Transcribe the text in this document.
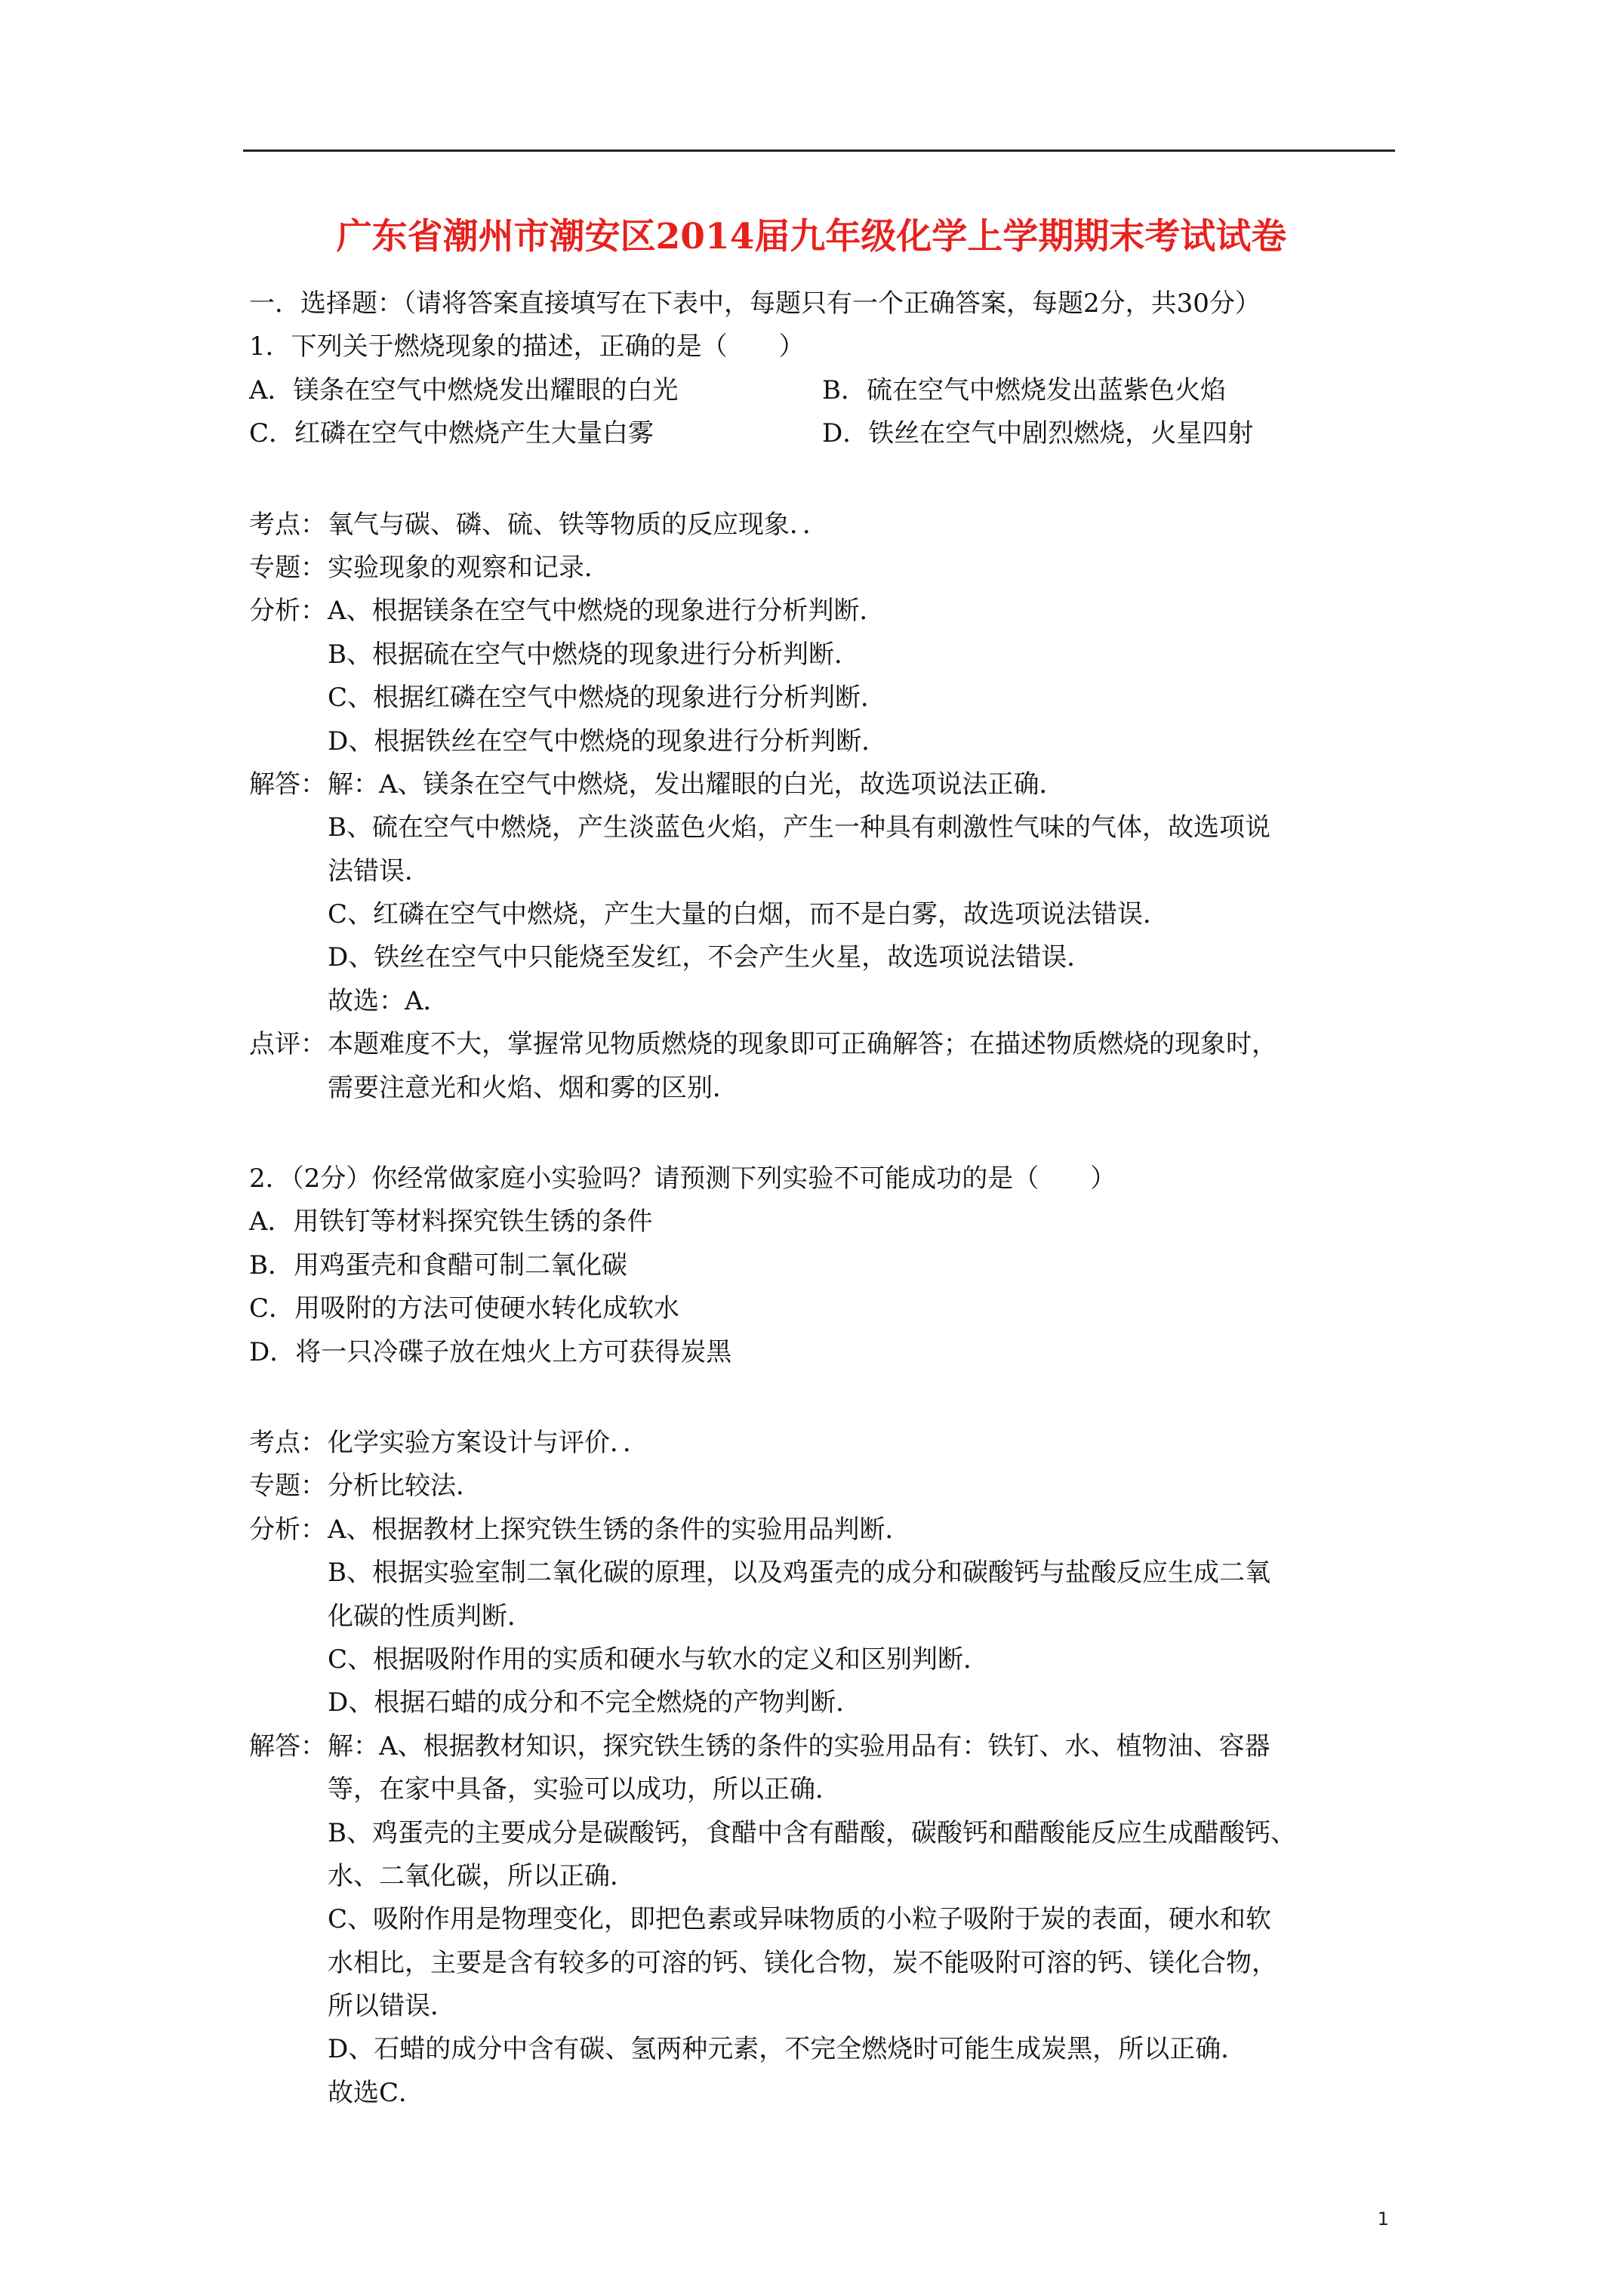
广东省潮州市潮安区2014届九年级化学上学期期末考试试卷
一．选择题：（请将答案直接填写在下表中，每题只有一个正确答案，每题2分，共30分）
1．下列关于燃烧现象的描述，正确的是（　　）
A．镁条在空气中燃烧发出耀眼的白光	B．硫在空气中燃烧发出蓝紫色火焰
C．红磷在空气中燃烧产生大量白雾	D．铁丝在空气中剧烈燃烧，火星四射
考点： 氧气与碳、磷、硫、铁等物质的反应现象．．
专题： 实验现象的观察和记录．
分析： A、根据镁条在空气中燃烧的现象进行分析判断．
B、根据硫在空气中燃烧的现象进行分析判断．
C、根据红磷在空气中燃烧的现象进行分析判断．
D、根据铁丝在空气中燃烧的现象进行分析判断．
解答： 解：A、镁条在空气中燃烧，发出耀眼的白光，故选项说法正确．
B、硫在空气中燃烧，产生淡蓝色火焰，产生一种具有刺激性气味的气体，故选项说
法错误．
C、红磷在空气中燃烧，产生大量的白烟，而不是白雾，故选项说法错误．
D、铁丝在空气中只能烧至发红，不会产生火星，故选项说法错误．
故选：A．
点评： 本题难度不大，掌握常见物质燃烧的现象即可正确解答；在描述物质燃烧的现象时，
需要注意光和火焰、烟和雾的区别．
2．（2分）你经常做家庭小实验吗？请预测下列实验不可能成功的是（　　）
A．用铁钉等材料探究铁生锈的条件
B．用鸡蛋壳和食醋可制二氧化碳
C．用吸附的方法可使硬水转化成软水
D．将一只冷碟子放在烛火上方可获得炭黑
考点： 化学实验方案设计与评价．．
专题： 分析比较法．
分析： A、根据教材上探究铁生锈的条件的实验用品判断．
B、根据实验室制二氧化碳的原理，以及鸡蛋壳的成分和碳酸钙与盐酸反应生成二氧
化碳的性质判断．
C、根据吸附作用的实质和硬水与软水的定义和区别判断．
D、根据石蜡的成分和不完全燃烧的产物判断．
解答： 解：A、根据教材知识，探究铁生锈的条件的实验用品有：铁钉、水、植物油、容器
等，在家中具备，实验可以成功，所以正确．
B、鸡蛋壳的主要成分是碳酸钙，食醋中含有醋酸，碳酸钙和醋酸能反应生成醋酸钙、
水、二氧化碳，所以正确．
C、吸附作用是物理变化，即把色素或异味物质的小粒子吸附于炭的表面，硬水和软
水相比，主要是含有较多的可溶的钙、镁化合物，炭不能吸附可溶的钙、镁化合物，
所以错误．
D、石蜡的成分中含有碳、氢两种元素，不完全燃烧时可能生成炭黑，所以正确．
故选C．
1
